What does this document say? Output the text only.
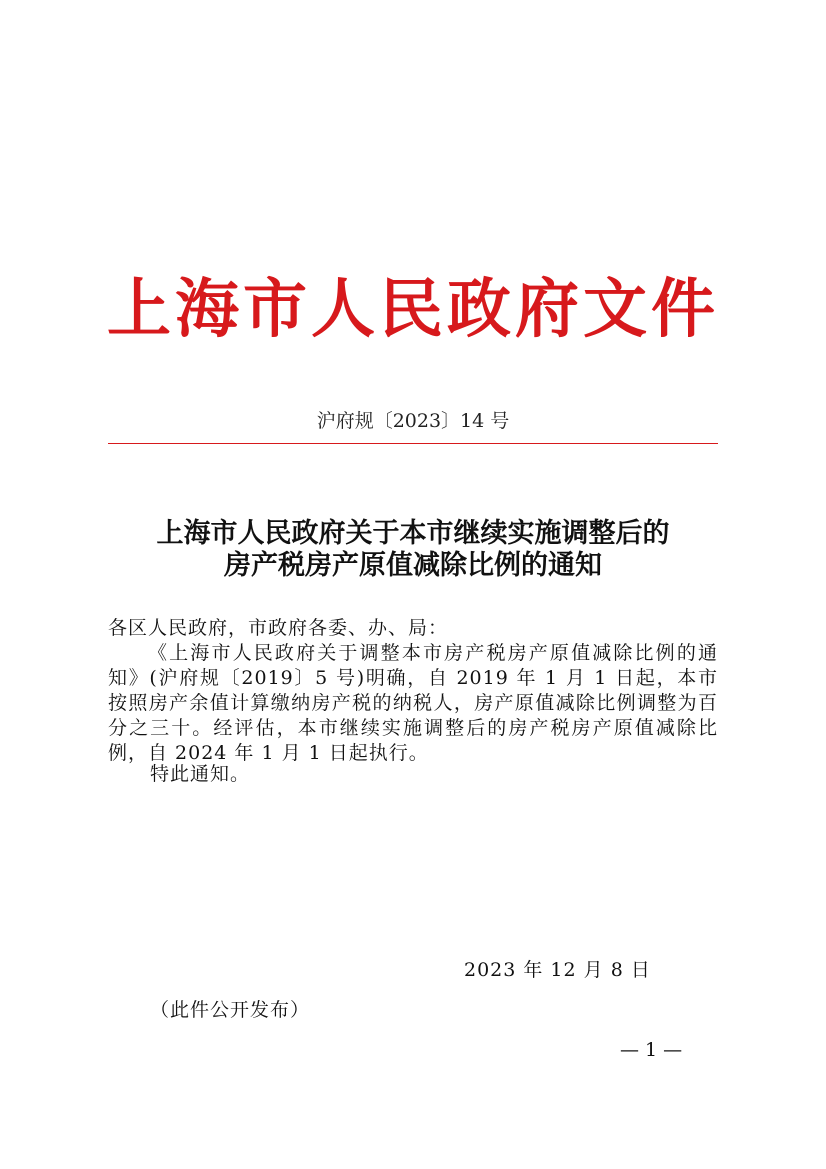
上海市人民政府文件
沪府规〔2023〕14 号
上海市人民政府关于本市继续实施调整后的
房产税房产原值减除比例的通知
各区人民政府，市政府各委、办、局：

《上海市人民政府关于调整本市房产税房产原值减除比例的通知》(沪府规〔2019〕5 号)明确，自 2019 年 1 月 1 日起，本市按照房产余值计算缴纳房产税的纳税人，房产原值减除比例调整为百分之三十。经评估，本市继续实施调整后的房产税房产原值减除比例，自 2024 年 1 月 1 日起执行。

特此通知。
2023 年 12 月 8 日
（此件公开发布）
— 1 —
